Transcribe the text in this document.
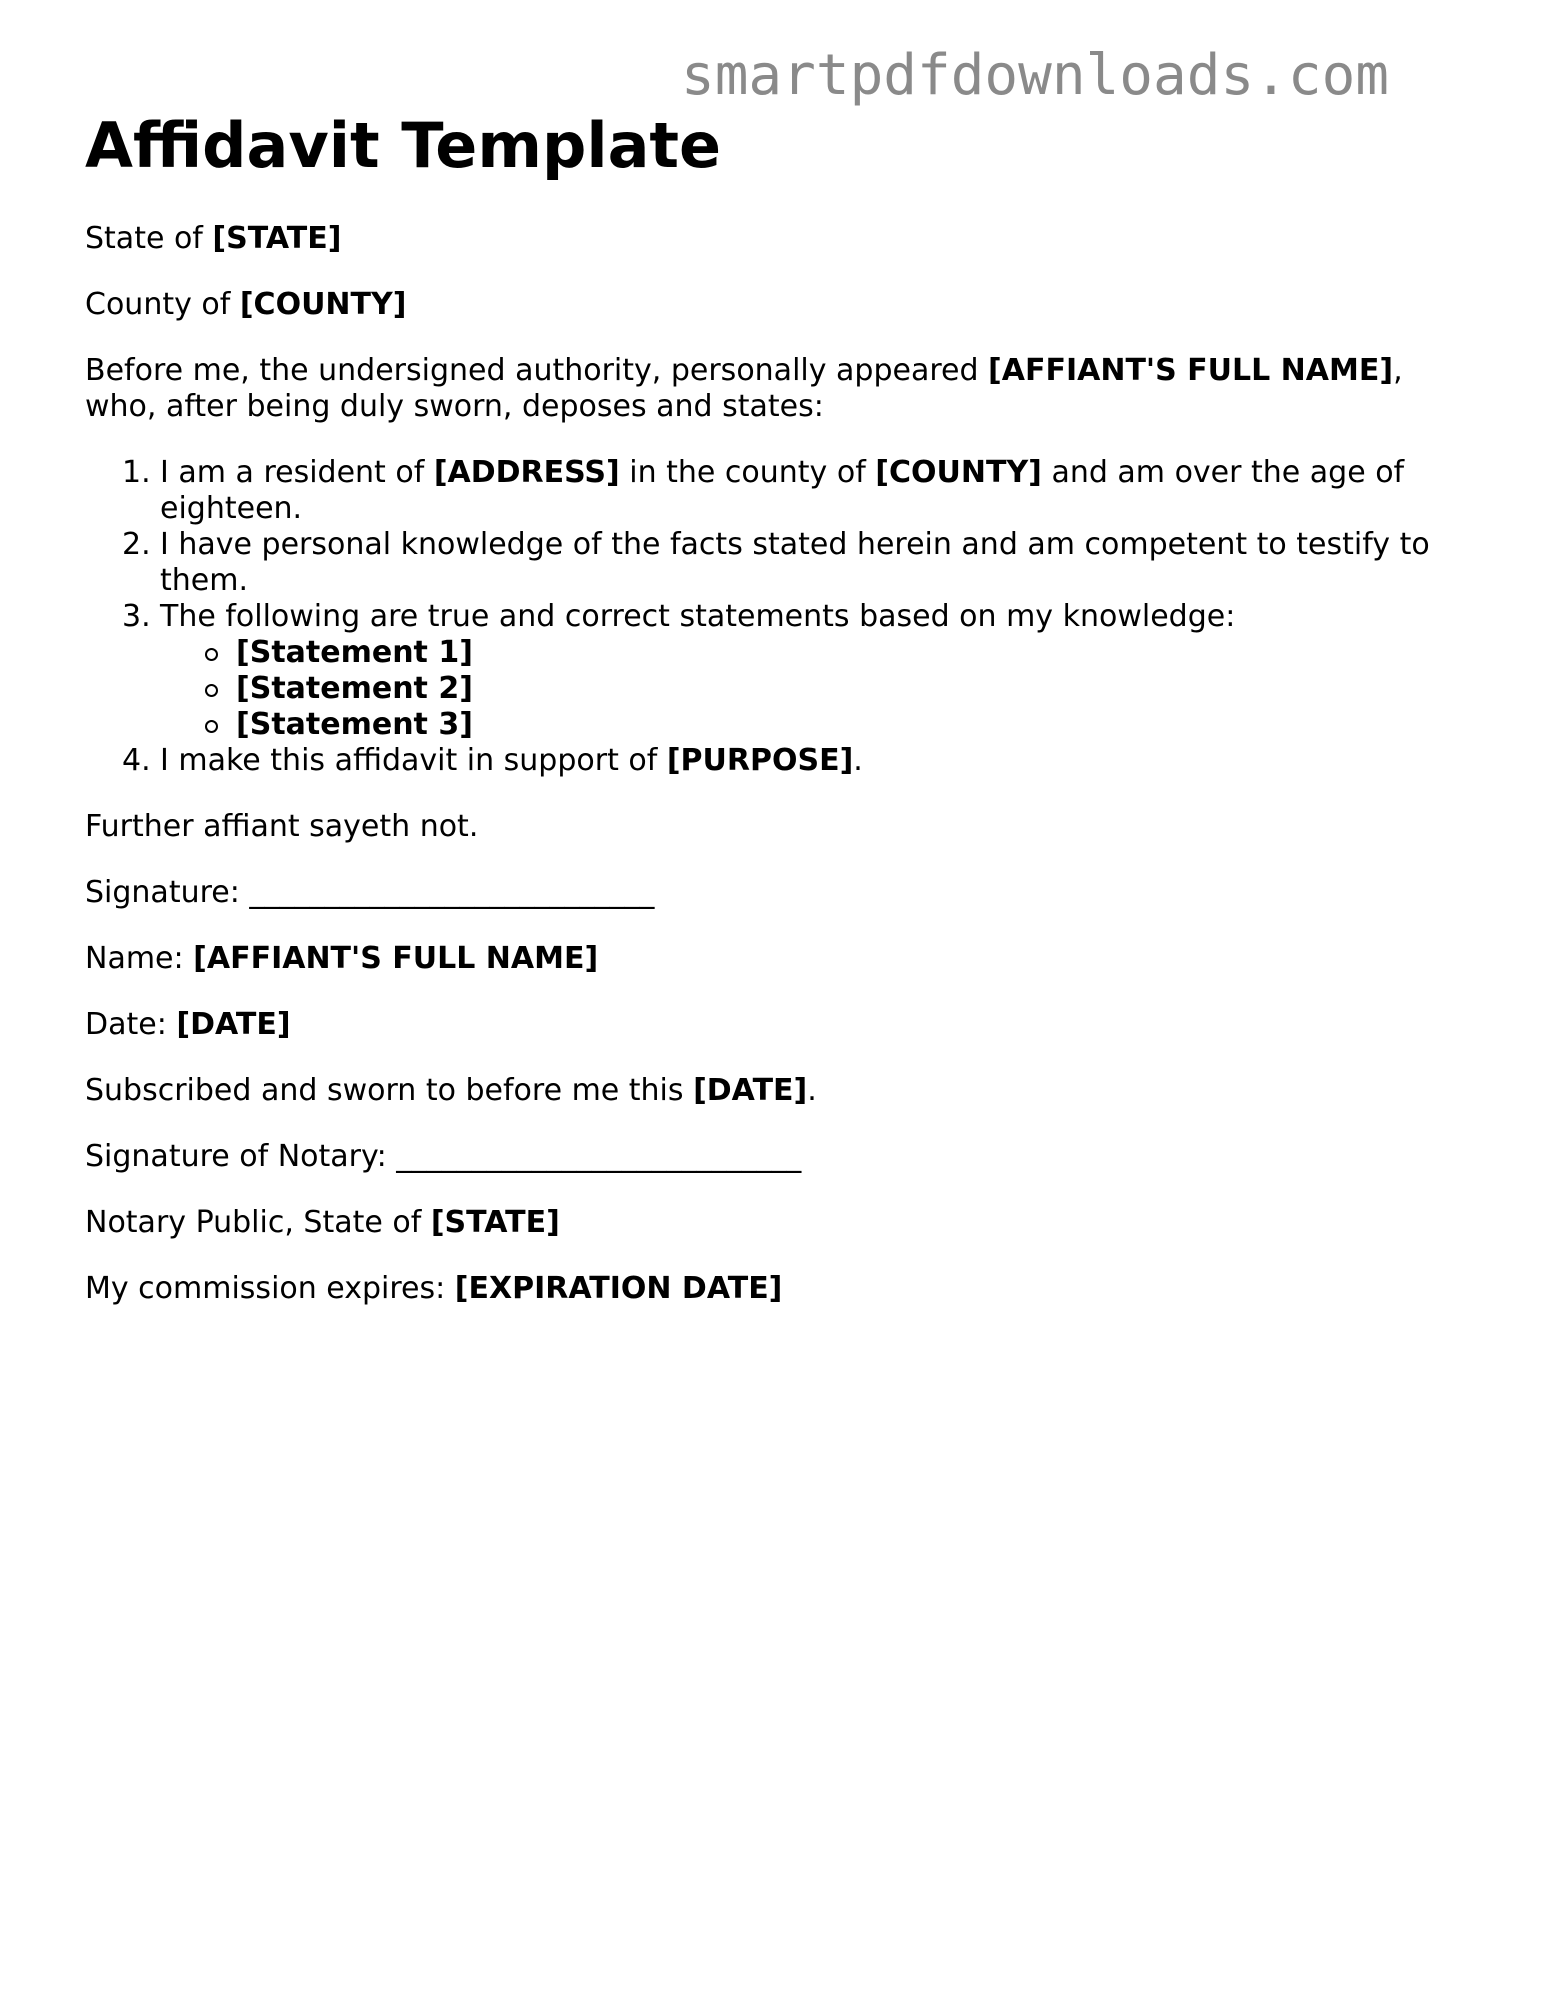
smartpdfdownloads.com
Affidavit Template

State of [STATE]

County of [COUNTY]

Before me, the undersigned authority, personally appeared [AFFIANT'S FULL NAME], who, after being duly sworn, deposes and states:

1. I am a resident of [ADDRESS] in the county of [COUNTY] and am over the age of eighteen.
2. I have personal knowledge of the facts stated herein and am competent to testify to them.
3. The following are true and correct statements based on my knowledge:
[Statement 1]
[Statement 2]
[Statement 3]
4. I make this affidavit in support of [PURPOSE].

Further affiant sayeth not.

Signature: ___________________________

Name: [AFFIANT'S FULL NAME]

Date: [DATE]

Subscribed and sworn to before me this [DATE].

Signature of Notary: ___________________________

Notary Public, State of [STATE]

My commission expires: [EXPIRATION DATE]
